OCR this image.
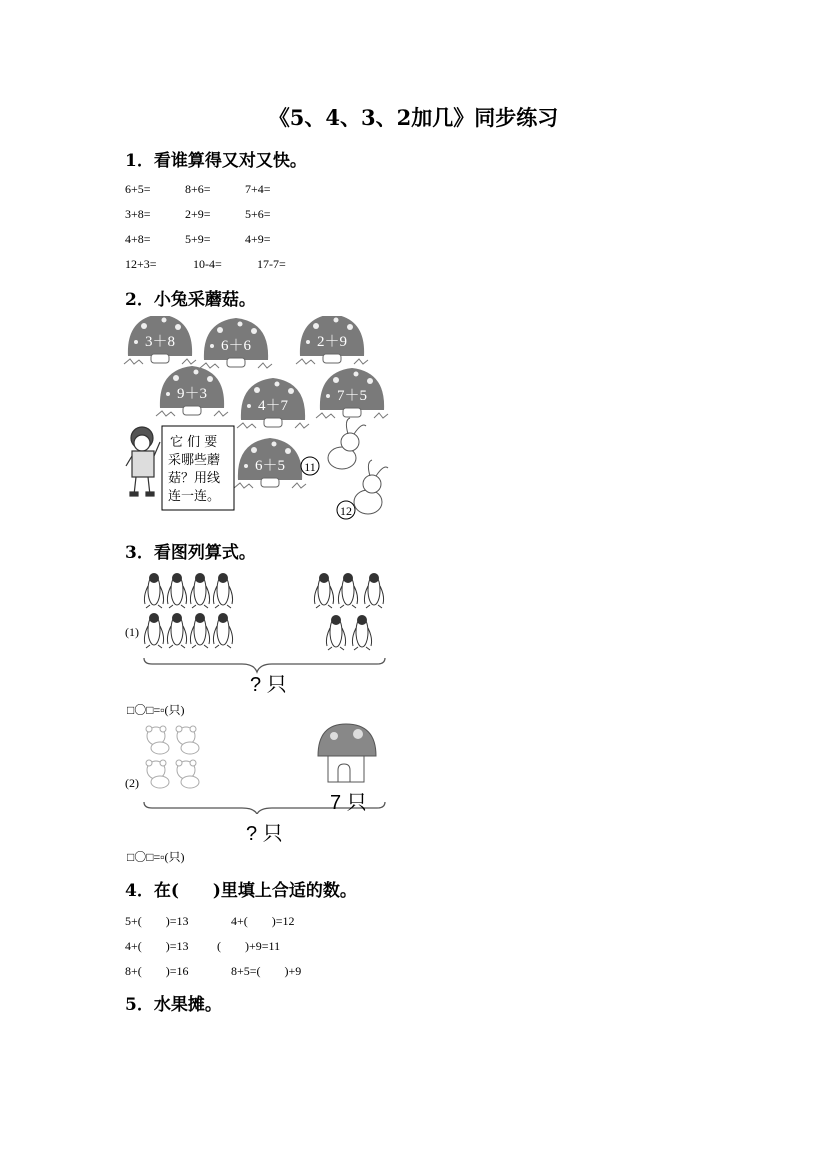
《5、4、3、2加几》同步练习
1．看谁算得又对又快。
6+5=	8+6=	7+4=
3+8=	2+9=	5+6=
4+8=	5+9=	4+9=
12+3=	10-4=	17-7=
2．小兔采蘑菇。
3＋8	6＋6	2＋9
9＋3
4＋7
7＋5
6＋5
它 们 要
采哪些蘑
菇？用线
连一连。
11
12
3．看图列算式。
(1)
? 只
□〇□=▫(只)
(2)
7 只
? 只
□〇□=▫(只)
4．在(　　)里填上合适的数。
5+(　　)=13	4+(　　)=12
4+(　　)=13 (　　)+9=11
8+(　　)=16	8+5=(　　)+9
5．水果摊。
